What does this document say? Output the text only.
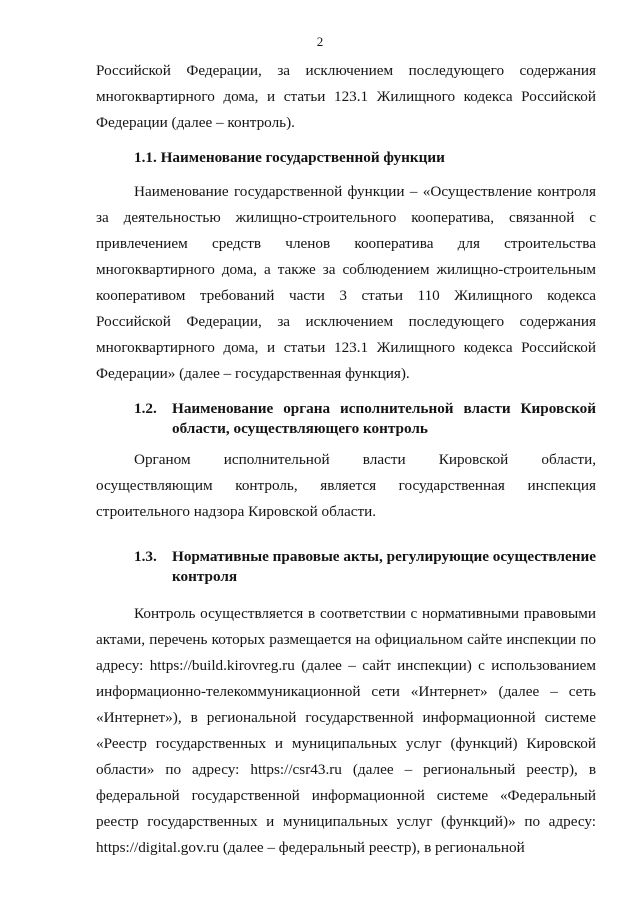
2

Российской Федерации, за исключением последующего содержания многоквартирного дома, и статьи 123.1 Жилищного кодекса Российской Федерации (далее – контроль).

1.1. Наименование государственной функции

Наименование государственной функции – «Осуществление контроля за деятельностью жилищно-строительного кооператива, связанной с привлечением средств членов кооператива для строительства многоквартирного дома, а также за соблюдением жилищно-строительным кооперативом требований части 3 статьи 110 Жилищного кодекса Российской Федерации, за исключением последующего содержания многоквартирного дома, и статьи 123.1 Жилищного кодекса Российской Федерации» (далее – государственная функция).

1.2.	Наименование органа исполнительной власти Кировской области, осуществляющего контроль

Органом исполнительной власти Кировской области, осуществляющим контроль, является государственная инспекция строительного надзора Кировской области.

1.3.	Нормативные правовые акты, регулирующие осуществление контроля

Контроль осуществляется в соответствии с нормативными правовыми актами, перечень которых размещается на официальном сайте инспекции по адресу: https://build.kirovreg.ru (далее – сайт инспекции) с использованием информационно-телекоммуникационной сети «Интернет» (далее – сеть «Интернет»), в региональной государственной информационной системе «Реестр государственных и муниципальных услуг (функций) Кировской области» по адресу: https://csr43.ru (далее – региональный реестр), в федеральной государственной информационной системе «Федеральный реестр государственных и муниципальных услуг (функций)» по адресу: https://digital.gov.ru (далее – федеральный реестр), в региональной
